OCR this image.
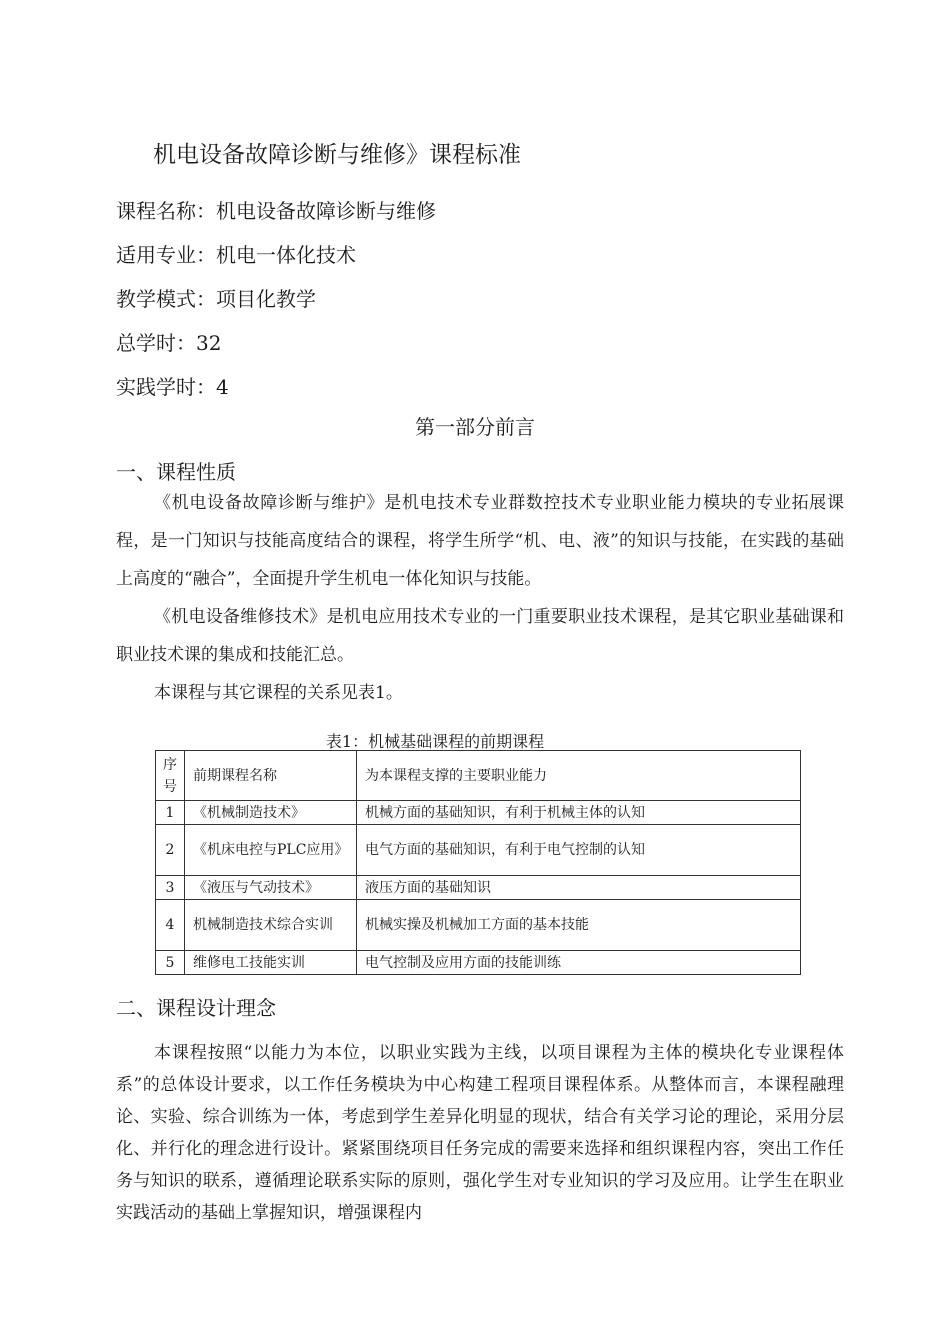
机电设备故障诊断与维修》课程标准
课程名称：机电设备故障诊断与维修
适用专业：机电一体化技术
教学模式：项目化教学
总学时：32
实践学时：4
第一部分前言
一、课程性质

《机电设备故障诊断与维护》是机电技术专业群数控技术专业职业能力模块的专业拓展课程，是一门知识与技能高度结合的课程，将学生所学“机、电、液”的知识与技能，在实践的基础上高度的“融合”，全面提升学生机电一体化知识与技能。

《机电设备维修技术》是机电应用技术专业的一门重要职业技术课程，是其它职业基础课和职业技术课的集成和技能汇总。

本课程与其它课程的关系见表1。

表1：机械基础课程的前期课程
序号	前期课程名称	为本课程支撑的主要职业能力
1	《机械制造技术》	机械方面的基础知识，有利于机械主体的认知
2	《机床电控与PLC应用》	电气方面的基础知识，有利于电气控制的认知
3	《液压与气动技术》	液压方面的基础知识
4	机械制造技术综合实训	机械实操及机械加工方面的基本技能
5	维修电工技能实训	电气控制及应用方面的技能训练
二、课程设计理念

本课程按照“以能力为本位，以职业实践为主线，以项目课程为主体的模块化专业课程体系”的总体设计要求，以工作任务模块为中心构建工程项目课程体系。从整体而言，本课程融理论、实验、综合训练为一体，考虑到学生差异化明显的现状，结合有关学习论的理论，采用分层化、并行化的理念进行设计。紧紧围绕项目任务完成的需要来选择和组织课程内容，突出工作任务与知识的联系，遵循理论联系实际的原则，强化学生对专业知识的学习及应用。让学生在职业实践活动的基础上掌握知识，增强课程内
